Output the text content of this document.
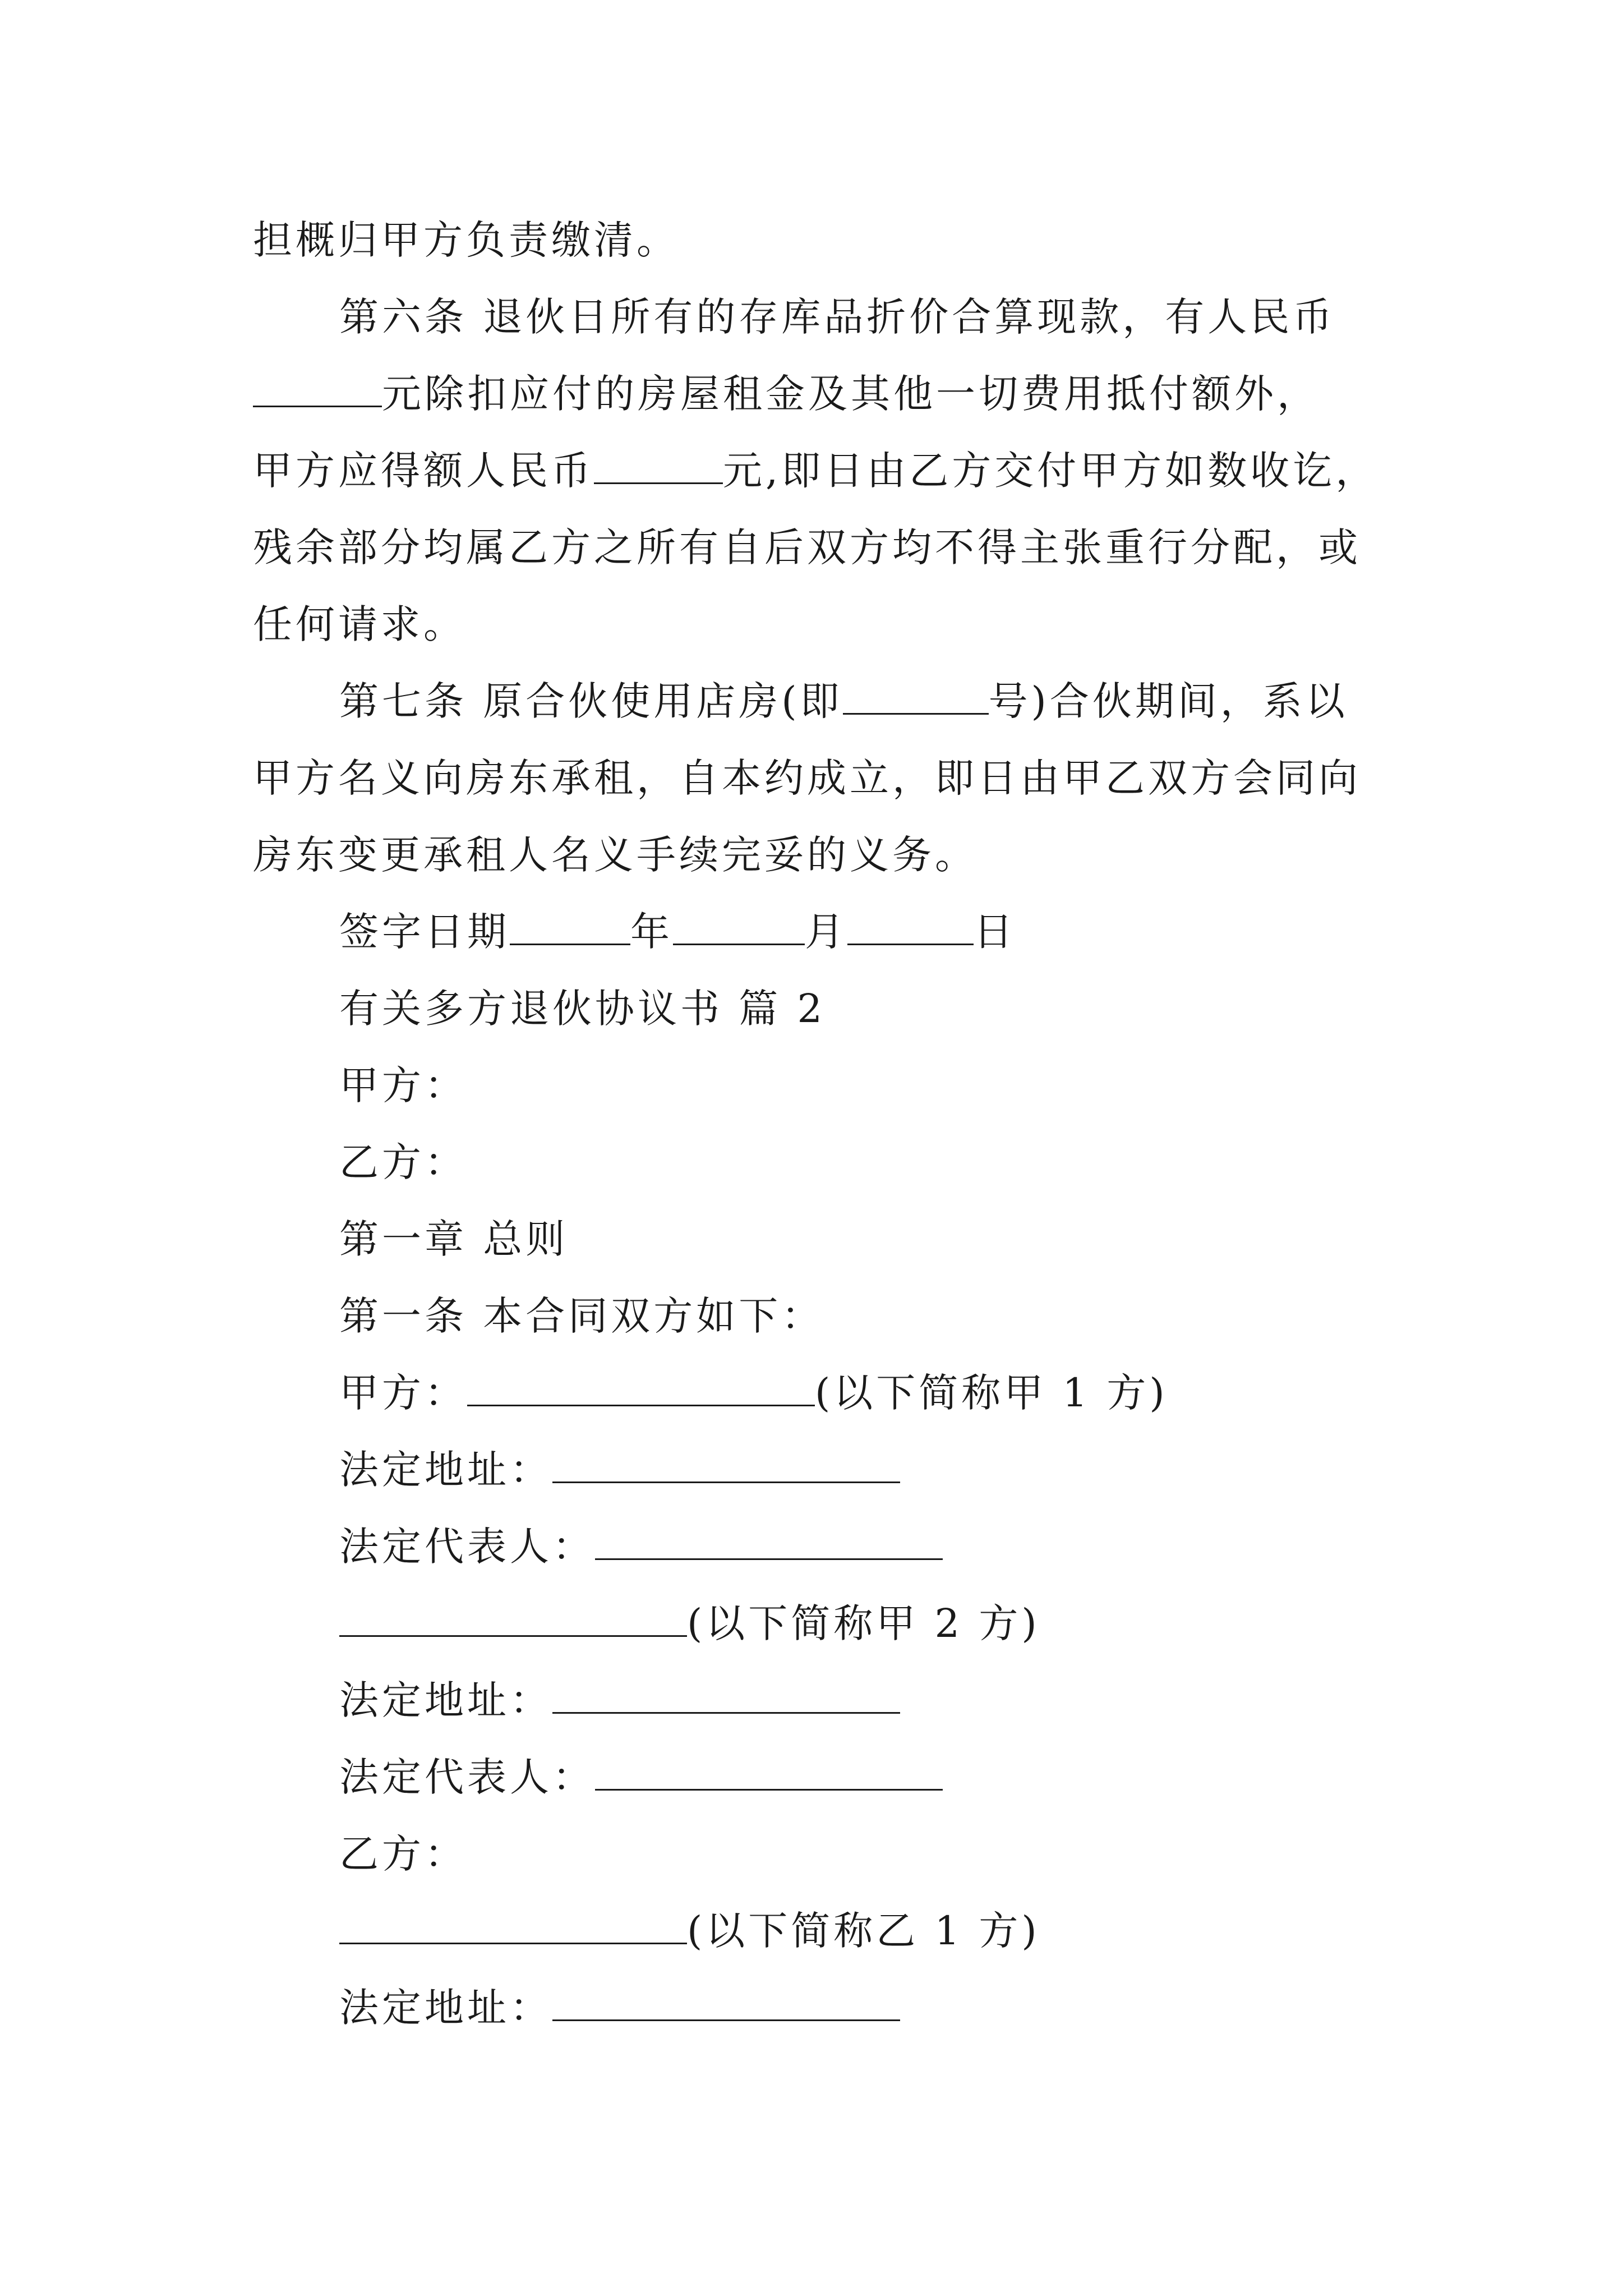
担概归甲方负责缴清。
第六条 退伙日所有的存库品折价合算现款，有人民币
元除扣应付的房屋租金及其他一切费用抵付额外，
甲方应得额人民币	元,即日由乙方交付甲方如数收讫，
残余部分均属乙方之所有自后双方均不得主张重行分配，或
任何请求。
第七条 原合伙使用店房(即	号)合伙期间，系以
甲方名义向房东承租，自本约成立，即日由甲乙双方会同向
房东变更承租人名义手续完妥的义务。
签字日期	年	月	日
有关多方退伙协议书 篇 2
甲方：
乙方：
第一章 总则
第一条 本合同双方如下：
甲方：	(以下简称甲 1 方)
法定地址：
法定代表人：
(以下简称甲 2 方)
法定地址：
法定代表人：
乙方：
(以下简称乙 1 方)
法定地址：
